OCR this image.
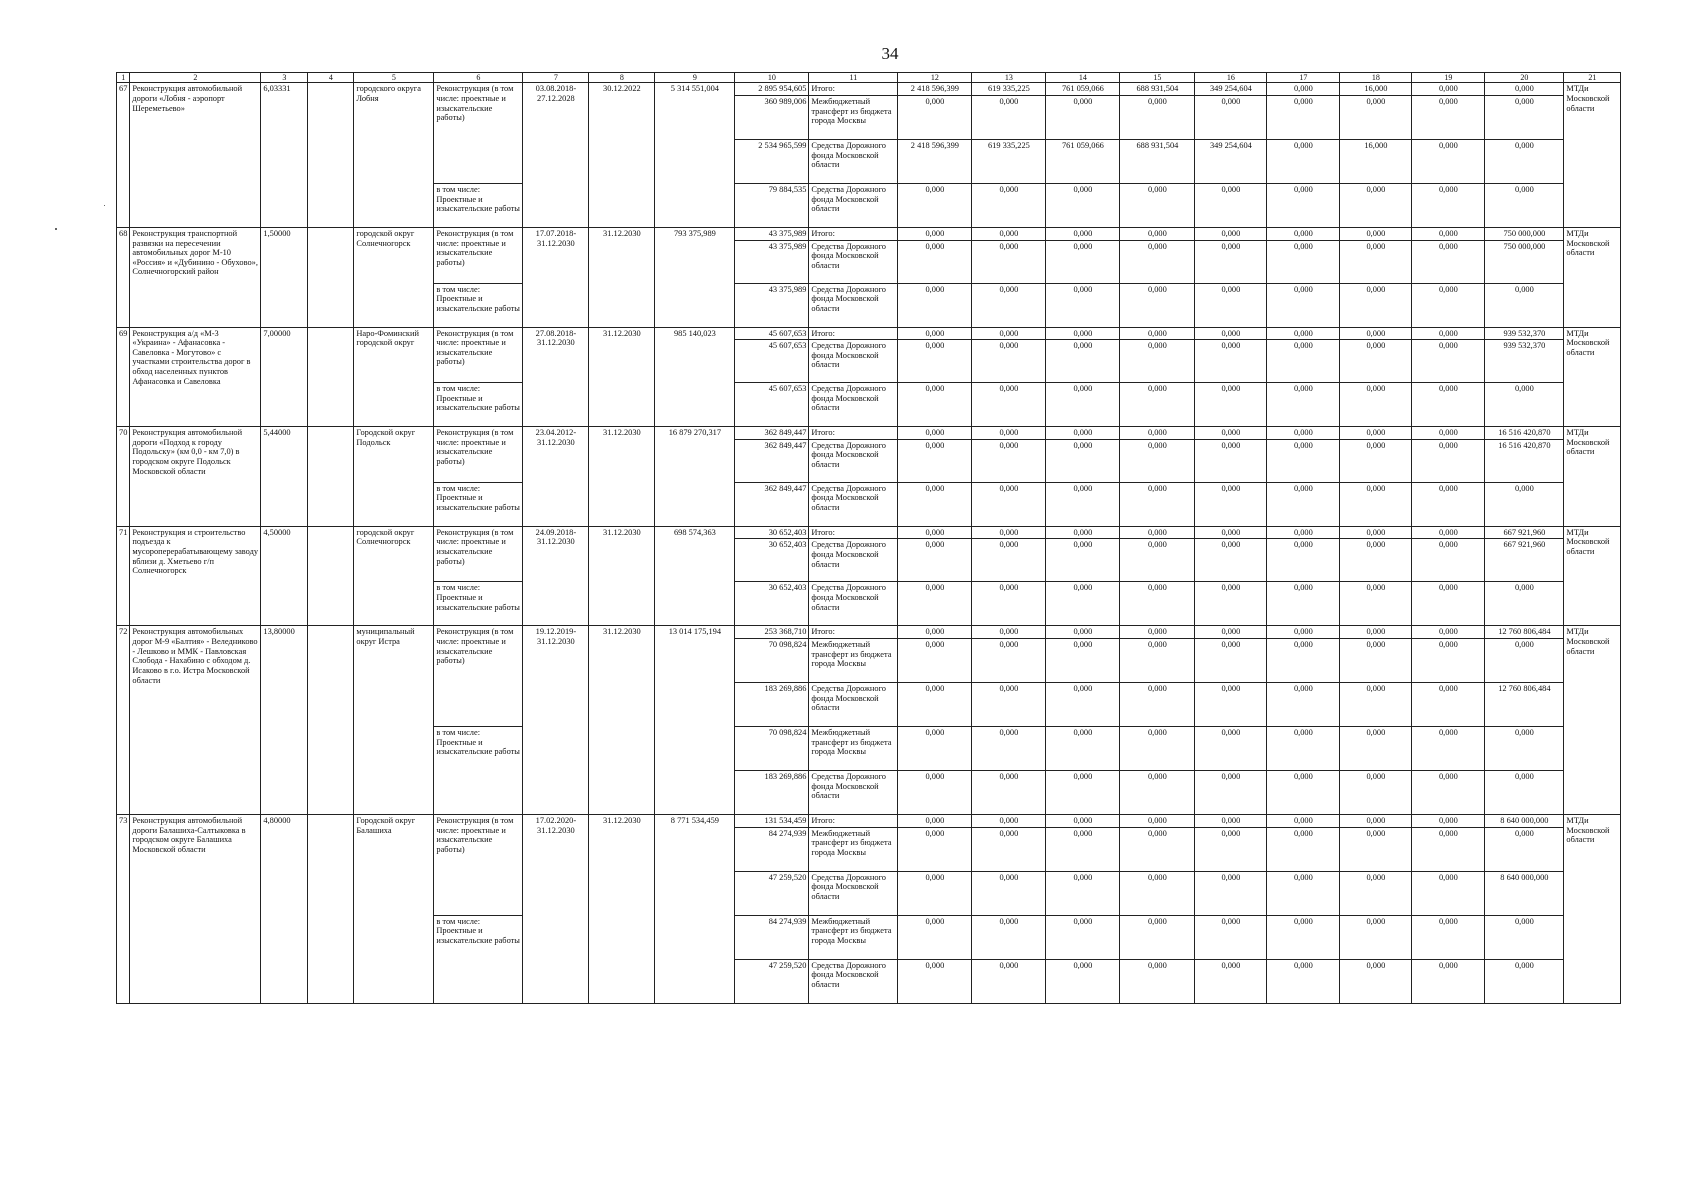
34
1	2	3	4	5	6	7	8	9	10	11	12	13	14	15	16	17	18	19	20	21
67	Реконструкция автомобильной дороги «Лобня - аэропорт Шереметьево»	6,03331		городского округа Лобня	Реконструкция (в том числе: проектные и изыскательские работы)	03.08.2018-27.12.2028	30.12.2022	5 314 551,004	2 895 954,605	Итого:	2 418 596,399	619 335,225	761 059,066	688 931,504	349 254,604	0,000	16,000	0,000	0,000	МТДи Московской области
									360 989,006	Межбюджетный трансферт из бюджета города Москвы	0,000	0,000	0,000	0,000	0,000	0,000	0,000	0,000	0,000	
									2 534 965,599	Средства Дорожного фонда Московской области	2 418 596,399	619 335,225	761 059,066	688 931,504	349 254,604	0,000	16,000	0,000	0,000	
					в том числе: Проектные и изыскательские работы				79 884,535	Средства Дорожного фонда Московской области	0,000	0,000	0,000	0,000	0,000	0,000	0,000	0,000	0,000	
68	Реконструкция транспортной развязки на пересечении автомобильных дорог М-10 «Россия» и «Дубинино - Обухово», Солнечногорский район	1,50000		городской округ Солнечногорск	Реконструкция (в том числе: проектные и изыскательские работы)	17.07.2018-31.12.2030	31.12.2030	793 375,989	43 375,989	Итого:	0,000	0,000	0,000	0,000	0,000	0,000	0,000	0,000	750 000,000	МТДи Московской области
									43 375,989	Средства Дорожного фонда Московской области	0,000	0,000	0,000	0,000	0,000	0,000	0,000	0,000	750 000,000	
					в том числе: Проектные и изыскательские работы				43 375,989	Средства Дорожного фонда Московской области	0,000	0,000	0,000	0,000	0,000	0,000	0,000	0,000	0,000	
69	Реконструкция а/д «М-3 «Украина» - Афанасовка - Савеловка - Могутово» с участками строительства дорог в обход населенных пунктов Афанасовка и Савеловка	7,00000		Наро-Фоминский городской округ	Реконструкция (в том числе: проектные и изыскательские работы)	27.08.2018-31.12.2030	31.12.2030	985 140,023	45 607,653	Итого:	0,000	0,000	0,000	0,000	0,000	0,000	0,000	0,000	939 532,370	МТДи Московской области
									45 607,653	Средства Дорожного фонда Московской области	0,000	0,000	0,000	0,000	0,000	0,000	0,000	0,000	939 532,370	
					в том числе: Проектные и изыскательские работы				45 607,653	Средства Дорожного фонда Московской области	0,000	0,000	0,000	0,000	0,000	0,000	0,000	0,000	0,000	
70	Реконструкция автомобильной дороги «Подход к городу Подольску» (км 0,0 - км 7,0) в городском округе Подольск Московской области	5,44000		Городской округ Подольск	Реконструкция (в том числе: проектные и изыскательские работы)	23.04.2012-31.12.2030	31.12.2030	16 879 270,317	362 849,447	Итого:	0,000	0,000	0,000	0,000	0,000	0,000	0,000	0,000	16 516 420,870	МТДи Московской области
									362 849,447	Средства Дорожного фонда Московской области	0,000	0,000	0,000	0,000	0,000	0,000	0,000	0,000	16 516 420,870	
					в том числе: Проектные и изыскательские работы				362 849,447	Средства Дорожного фонда Московской области	0,000	0,000	0,000	0,000	0,000	0,000	0,000	0,000	0,000	
71	Реконструкция и строительство подъезда к мусороперерабатывающему заводу вблизи д. Хметьево г/п Солнечногорск	4,50000		городской округ Солнечногорск	Реконструкция (в том числе: проектные и изыскательские работы)	24.09.2018-31.12.2030	31.12.2030	698 574,363	30 652,403	Итого:	0,000	0,000	0,000	0,000	0,000	0,000	0,000	0,000	667 921,960	МТДи Московской области
									30 652,403	Средства Дорожного фонда Московской области	0,000	0,000	0,000	0,000	0,000	0,000	0,000	0,000	667 921,960	
					в том числе: Проектные и изыскательские работы				30 652,403	Средства Дорожного фонда Московской области	0,000	0,000	0,000	0,000	0,000	0,000	0,000	0,000	0,000	
72	Реконструкция автомобильных дорог М-9 «Балтия» - Веледниково - Лешково и ММК - Павловская Слобода - Нахабино с обходом д. Исаково в г.о. Истра Московской области	13,80000		муниципальный округ Истра	Реконструкция (в том числе: проектные и изыскательские работы)	19.12.2019-31.12.2030	31.12.2030	13 014 175,194	253 368,710	Итого:	0,000	0,000	0,000	0,000	0,000	0,000	0,000	0,000	12 760 806,484	МТДи Московской области
									70 098,824	Межбюджетный трансферт из бюджета города Москвы	0,000	0,000	0,000	0,000	0,000	0,000	0,000	0,000	0,000	
									183 269,886	Средства Дорожного фонда Московской области	0,000	0,000	0,000	0,000	0,000	0,000	0,000	0,000	12 760 806,484	
					в том числе: Проектные и изыскательские работы				70 098,824	Межбюджетный трансферт из бюджета города Москвы	0,000	0,000	0,000	0,000	0,000	0,000	0,000	0,000	0,000	
									183 269,886	Средства Дорожного фонда Московской области	0,000	0,000	0,000	0,000	0,000	0,000	0,000	0,000	0,000	
73	Реконструкция автомобильной дороги Балашиха-Салтыковка в городском округе Балашиха Московской области	4,80000		Городской округ Балашиха	Реконструкция (в том числе: проектные и изыскательские работы)	17.02.2020-31.12.2030	31.12.2030	8 771 534,459	131 534,459	Итого:	0,000	0,000	0,000	0,000	0,000	0,000	0,000	0,000	8 640 000,000	МТДи Московской области
									84 274,939	Межбюджетный трансферт из бюджета города Москвы	0,000	0,000	0,000	0,000	0,000	0,000	0,000	0,000	0,000	
									47 259,520	Средства Дорожного фонда Московской области	0,000	0,000	0,000	0,000	0,000	0,000	0,000	0,000	8 640 000,000	
					в том числе: Проектные и изыскательские работы				84 274,939	Межбюджетный трансферт из бюджета города Москвы	0,000	0,000	0,000	0,000	0,000	0,000	0,000	0,000	0,000	
									47 259,520	Средства Дорожного фонда Московской области	0,000	0,000	0,000	0,000	0,000	0,000	0,000	0,000	0,000	
